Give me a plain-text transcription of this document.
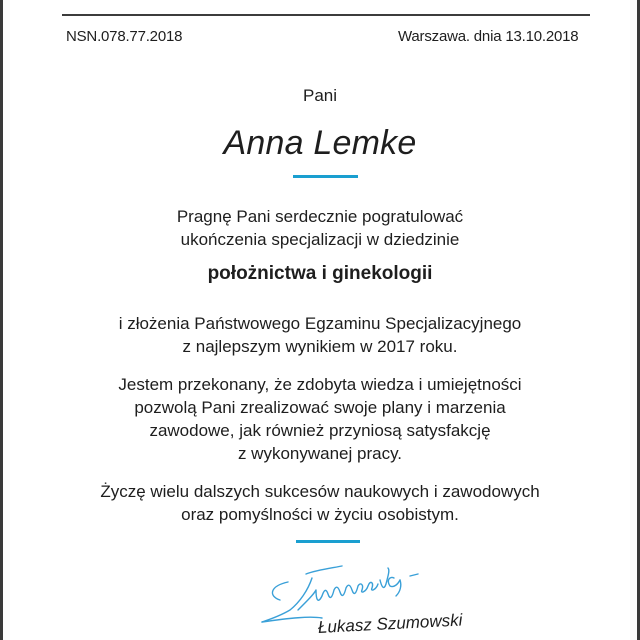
NSN.078.77.2018	Warszawa. dnia 13.10.2018
Pani
Anna Lemke
Pragnę Pani serdecznie pogratulować
ukończenia specjalizacji w dziedzinie
położnictwa i ginekologii
i złożenia Państwowego Egzaminu Specjalizacyjnego
z najlepszym wynikiem w 2017 roku.
Jestem przekonany, że zdobyta wiedza i umiejętności
pozwolą Pani zrealizować swoje plany i marzenia
zawodowe, jak również przyniosą satysfakcję
z wykonywanej pracy.
Życzę wielu dalszych sukcesów naukowych i zawodowych
oraz pomyślności w życiu osobistym.
Łukasz Szumowski
